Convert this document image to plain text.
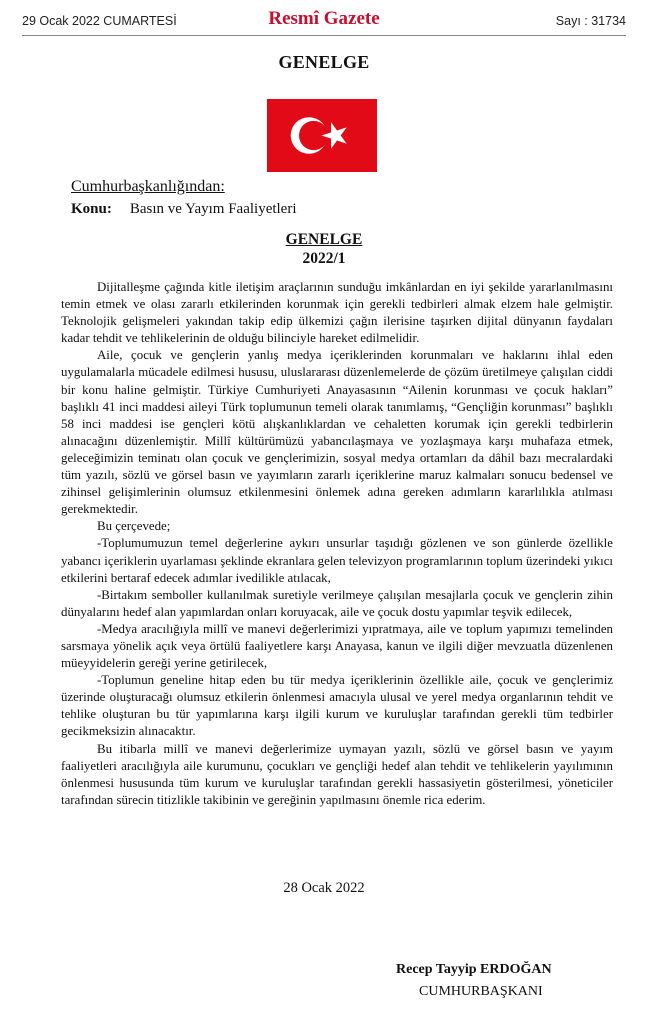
29 Ocak 2022 CUMARTESİ	Resmî Gazete	Sayı : 31734
GENELGE
Cumhurbaşkanlığından:
Konu: Basın ve Yayım Faaliyetleri
GENELGE
2022/1

Dijitalleşme çağında kitle iletişim araçlarının sunduğu imkânlardan en iyi şekilde yararlanılmasını temin etmek ve olası zararlı etkilerinden korunmak için gerekli tedbirleri almak elzem hale gelmiştir. Teknolojik gelişmeleri yakından takip edip ülkemizi çağın ilerisine taşırken dijital dünyanın faydaları kadar tehdit ve tehlikelerinin de olduğu bilinciyle hareket edilmelidir.

Aile, çocuk ve gençlerin yanlış medya içeriklerinden korunmaları ve haklarını ihlal eden uygulamalarla mücadele edilmesi hususu, uluslararası düzenlemelerde de çözüm üretilmeye çalışılan ciddi bir konu haline gelmiştir. Türkiye Cumhuriyeti Anayasasının “Ailenin korunması ve çocuk hakları” başlıklı 41 inci maddesi aileyi Türk toplumunun temeli olarak tanımlamış, “Gençliğin korunması” başlıklı 58 inci maddesi ise gençleri kötü alışkanlıklardan ve cehaletten korumak için gerekli tedbirlerin alınacağını düzenlemiştir. Millî kültürümüzü yabancılaşmaya ve yozlaşmaya karşı muhafaza etmek, geleceğimizin teminatı olan çocuk ve gençlerimizin, sosyal medya ortamları da dâhil bazı mecralardaki tüm yazılı, sözlü ve görsel basın ve yayımların zararlı içeriklerine maruz kalmaları sonucu bedensel ve zihinsel gelişimlerinin olumsuz etkilenmesini önlemek adına gereken adımların kararlılıkla atılması gerekmektedir.

Bu çerçevede;

-Toplumumuzun temel değerlerine aykırı unsurlar taşıdığı gözlenen ve son günlerde özellikle yabancı içeriklerin uyarlaması şeklinde ekranlara gelen televizyon programlarının toplum üzerindeki yıkıcı etkilerini bertaraf edecek adımlar ivedilikle atılacak,

-Birtakım semboller kullanılmak suretiyle verilmeye çalışılan mesajlarla çocuk ve gençlerin zihin dünyalarını hedef alan yapımlardan onları koruyacak, aile ve çocuk dostu yapımlar teşvik edilecek,

-Medya aracılığıyla millî ve manevi değerlerimizi yıpratmaya, aile ve toplum yapımızı temelinden sarsmaya yönelik açık veya örtülü faaliyetlere karşı Anayasa, kanun ve ilgili diğer mevzuatla düzenlenen müeyyidelerin gereği yerine getirilecek,

-Toplumun geneline hitap eden bu tür medya içeriklerinin özellikle aile, çocuk ve gençlerimiz üzerinde oluşturacağı olumsuz etkilerin önlenmesi amacıyla ulusal ve yerel medya organlarının tehdit ve tehlike oluşturan bu tür yapımlarına karşı ilgili kurum ve kuruluşlar tarafından gerekli tüm tedbirler gecikmeksizin alınacaktır.

Bu itibarla millî ve manevi değerlerimize uymayan yazılı, sözlü ve görsel basın ve yayım faaliyetleri aracılığıyla aile kurumunu, çocukları ve gençliği hedef alan tehdit ve tehlikelerin yayılımının önlenmesi hususunda tüm kurum ve kuruluşlar tarafından gerekli hassasiyetin gösterilmesi, yöneticiler tarafından sürecin titizlikle takibinin ve gereğinin yapılmasını önemle rica ederim.

28 Ocak 2022
Recep Tayyip ERDOĞAN
CUMHURBAŞKANI
